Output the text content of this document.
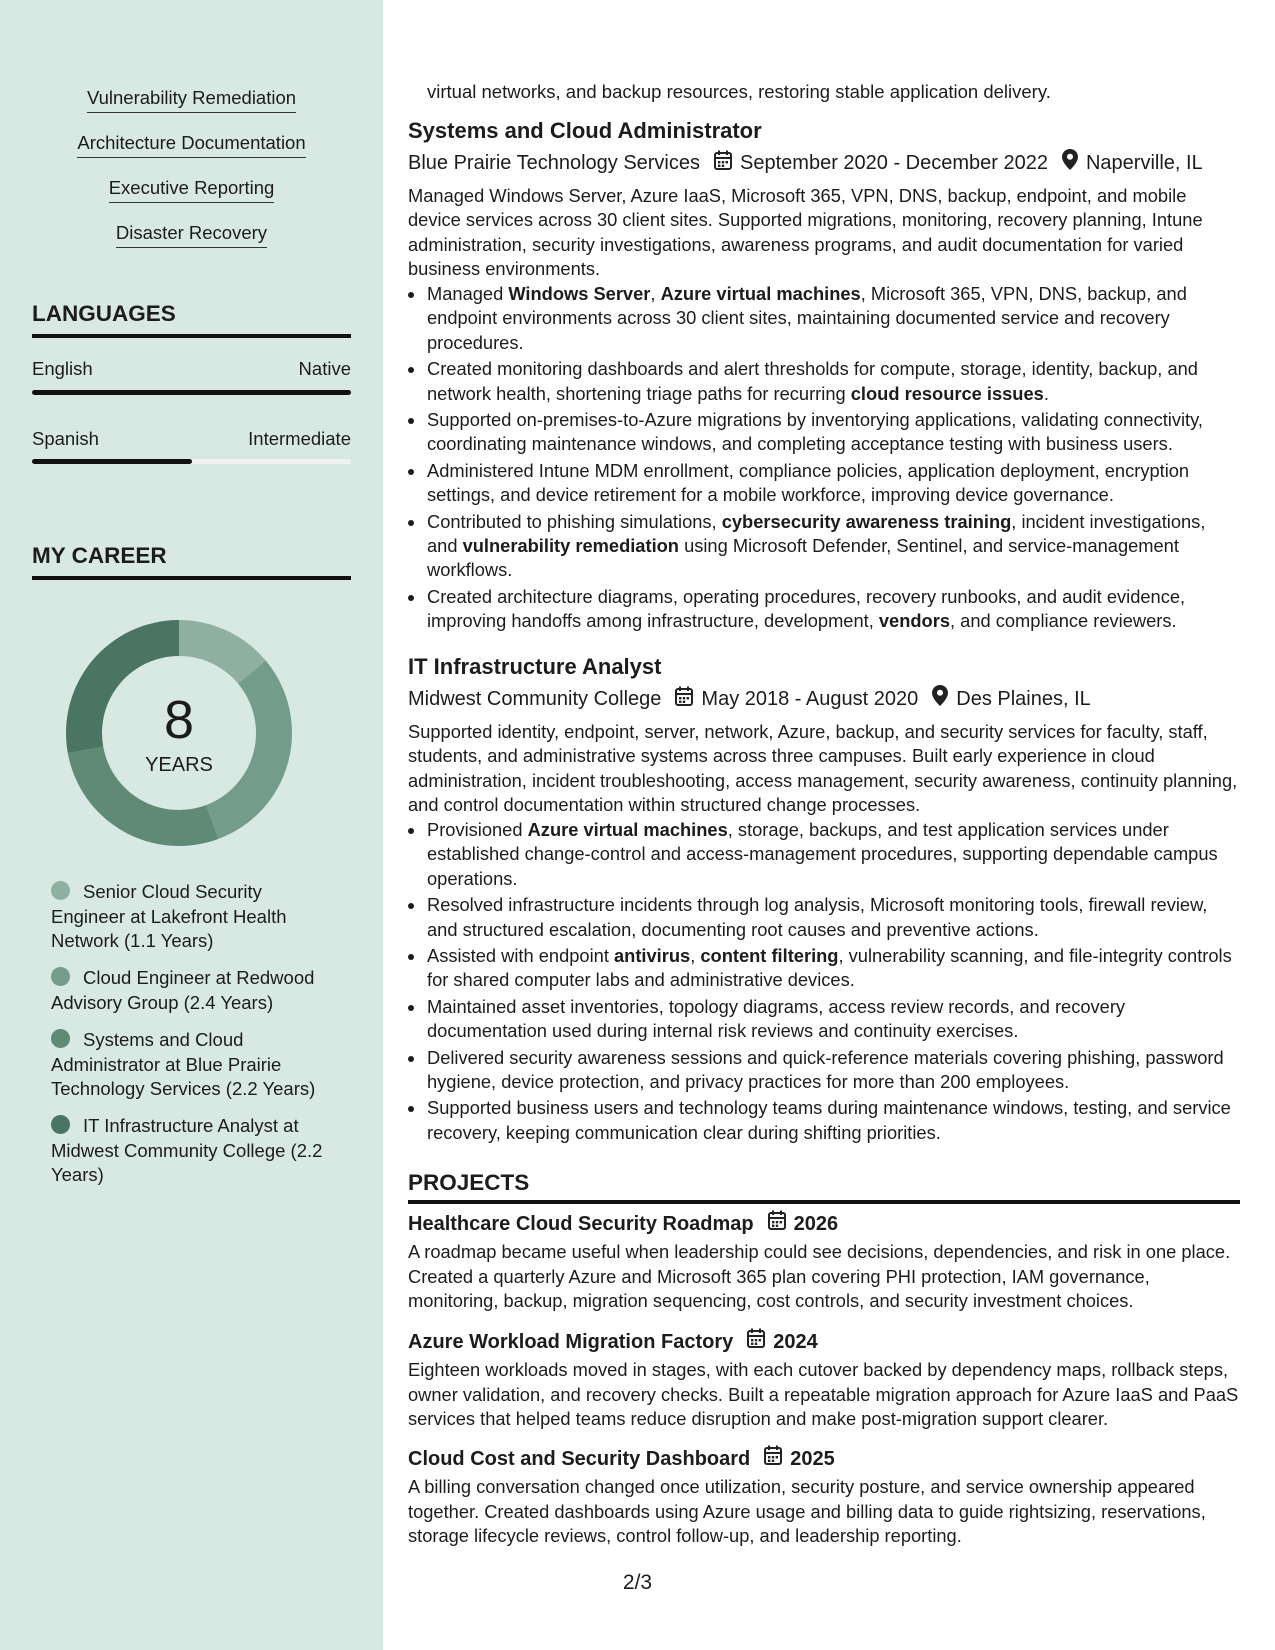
Vulnerability Remediation
Architecture Documentation
Executive Reporting
Disaster Recovery
LANGUAGES
English	Native
Spanish	Intermediate
MY CAREER
8
YEARS
Senior Cloud Security Engineer at Lakefront Health Network (1.1 Years)
Cloud Engineer at Redwood Advisory Group (2.4 Years)
Systems and Cloud Administrator at Blue Prairie Technology Services (2.2 Years)
IT Infrastructure Analyst at Midwest Community College (2.2 Years)
virtual networks, and backup resources, restoring stable application delivery.
Systems and Cloud Administrator
Blue Prairie Technology Services September 2020 - December 2022 Naperville, IL
Managed Windows Server, Azure IaaS, Microsoft 365, VPN, DNS, backup, endpoint, and mobile device services across 30 client sites. Supported migrations, monitoring, recovery planning, Intune administration, security investigations, awareness programs, and audit documentation for varied business environments.
Managed Windows Server, Azure virtual machines, Microsoft 365, VPN, DNS, backup, and endpoint environments across 30 client sites, maintaining documented service and recovery procedures.
Created monitoring dashboards and alert thresholds for compute, storage, identity, backup, and network health, shortening triage paths for recurring cloud resource issues.
Supported on-premises-to-Azure migrations by inventorying applications, validating connectivity, coordinating maintenance windows, and completing acceptance testing with business users.
Administered Intune MDM enrollment, compliance policies, application deployment, encryption settings, and device retirement for a mobile workforce, improving device governance.
Contributed to phishing simulations, cybersecurity awareness training, incident investigations, and vulnerability remediation using Microsoft Defender, Sentinel, and service-management workflows.
Created architecture diagrams, operating procedures, recovery runbooks, and audit evidence, improving handoffs among infrastructure, development, vendors, and compliance reviewers.
IT Infrastructure Analyst
Midwest Community College May 2018 - August 2020 Des Plaines, IL
Supported identity, endpoint, server, network, Azure, backup, and security services for faculty, staff, students, and administrative systems across three campuses. Built early experience in cloud administration, incident troubleshooting, access management, security awareness, continuity planning, and control documentation within structured change processes.
Provisioned Azure virtual machines, storage, backups, and test application services under established change-control and access-management procedures, supporting dependable campus operations.
Resolved infrastructure incidents through log analysis, Microsoft monitoring tools, firewall review, and structured escalation, documenting root causes and preventive actions.
Assisted with endpoint antivirus, content filtering, vulnerability scanning, and file-integrity controls for shared computer labs and administrative devices.
Maintained asset inventories, topology diagrams, access review records, and recovery documentation used during internal risk reviews and continuity exercises.
Delivered security awareness sessions and quick-reference materials covering phishing, password hygiene, device protection, and privacy practices for more than 200 employees.
Supported business users and technology teams during maintenance windows, testing, and service recovery, keeping communication clear during shifting priorities.
PROJECTS
Healthcare Cloud Security Roadmap 2026
A roadmap became useful when leadership could see decisions, dependencies, and risk in one place. Created a quarterly Azure and Microsoft 365 plan covering PHI protection, IAM governance, monitoring, backup, migration sequencing, cost controls, and security investment choices.
Azure Workload Migration Factory 2024
Eighteen workloads moved in stages, with each cutover backed by dependency maps, rollback steps, owner validation, and recovery checks. Built a repeatable migration approach for Azure IaaS and PaaS services that helped teams reduce disruption and make post-migration support clearer.
Cloud Cost and Security Dashboard 2025
A billing conversation changed once utilization, security posture, and service ownership appeared together. Created dashboards using Azure usage and billing data to guide rightsizing, reservations, storage lifecycle reviews, control follow-up, and leadership reporting.
2/3
